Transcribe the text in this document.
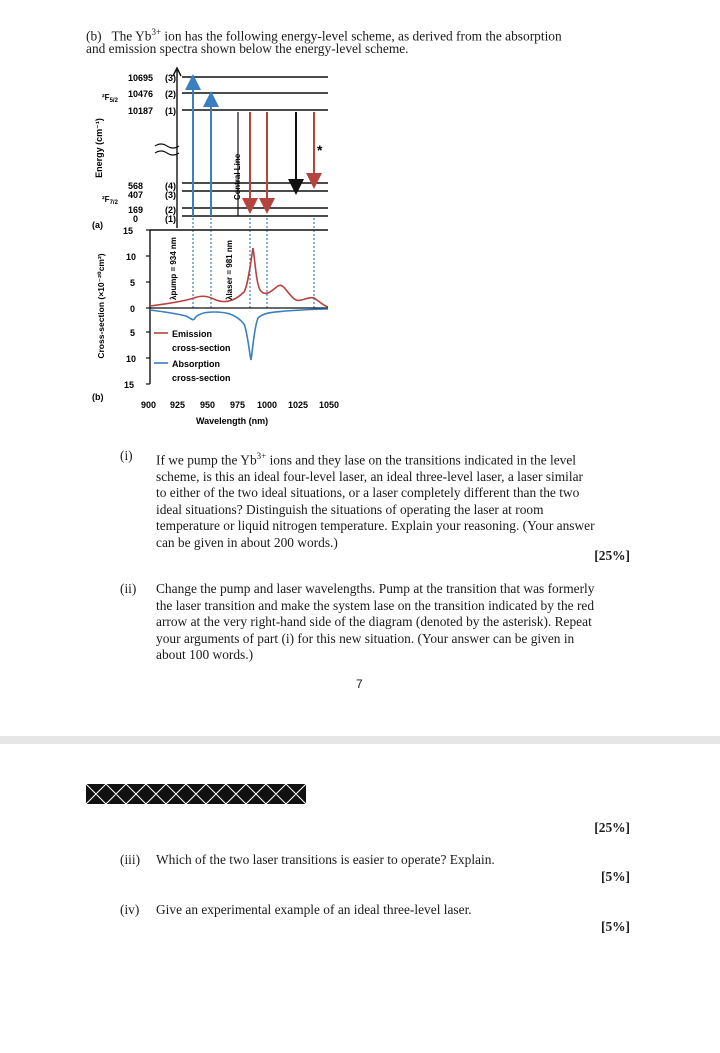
(b) The $Yb^{3+}$ ion has the following energy-level scheme, as derived from the absorption
and emission spectra shown below the energy-level scheme.
Energy (cm⁻¹)
10695 (3)
10476 (2)
10187 (1)
$^2F_{5/2}$
568 (4)
407 (3)
169 (2)
0	(1)
$^2F_{7/2}$
(a)
Central Line
*
15
10
5
0
5
10
15
Cross-section (×10⁻²⁰cm²)
(b)
λpump = 934 nm	λlaser = 981 nm
Emission
cross-section
Absorption
cross-section
900 925 950 975 1000 1025 1050
Wavelength (nm)
(i) If we pump the $Yb^{3+}$ ions and they lase on the transitions indicated in the level
scheme, is this an ideal four-level laser, an ideal three-level laser, a laser similar
to either of the two ideal situations, or a laser completely different than the two
ideal situations? Distinguish the situations of operating the laser at room
temperature or liquid nitrogen temperature. Explain your reasoning. (Your answer
can be given in about 200 words.)
[25%]
(ii) Change the pump and laser wavelengths. Pump at the transition that was formerly
the laser transition and make the system lase on the transition indicated by the red
arrow at the very right-hand side of the diagram (denoted by the asterisk). Repeat
your arguments of part (i) for this new situation. (Your answer can be given in
about 100 words.)
7
[25%]
(iii) Which of the two laser transitions is easier to operate? Explain.
[5%]
(iv) Give an experimental example of an ideal three-level laser.
[5%]
